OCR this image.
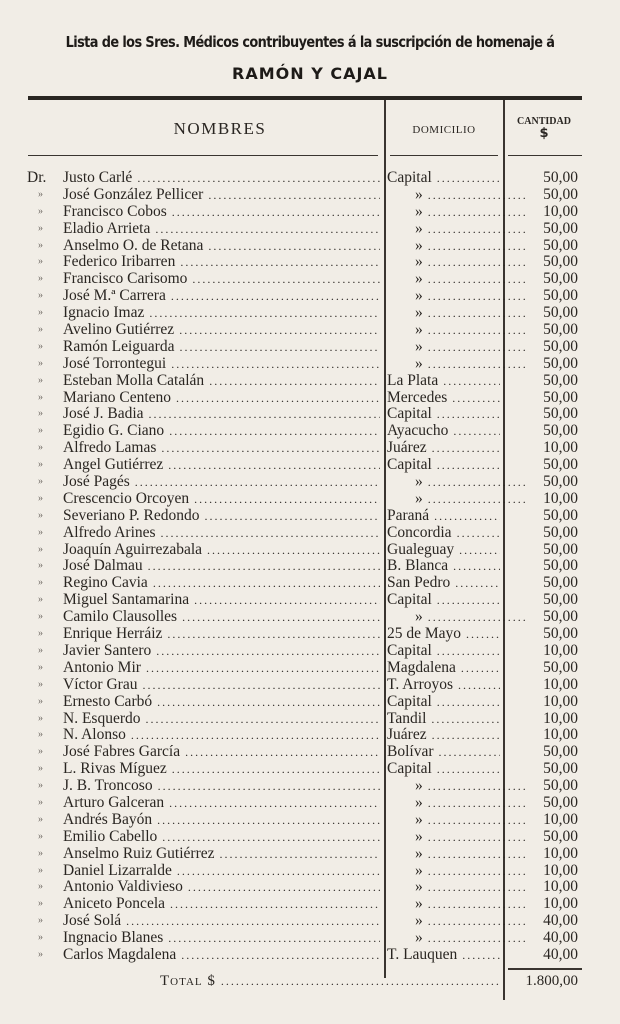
Lista de los Sres. Médicos contribuyentes á la suscripción de homenaje á
RAMÓN Y CAJAL
NOMBRES	DOMICILIO
CANTIDAD
$
Dr.	Justo Carlé .....	Capital .....	50,00
»	José González Pellicer .....	» .....	50,00
»	Francisco Cobos .....	» .....	10,00
»	Eladio Arrieta .....	» .....	50,00
»	Anselmo O. de Retana .....	» .....	50,00
»	Federico Iribarren .....	» .....	50,00
»	Francisco Carisomo .....	» .....	50,00
»	José M.ª Carrera .....	» .....	50,00
»	Ignacio Imaz .....	» .....	50,00
»	Avelino Gutiérrez .....	» .....	50,00
»	Ramón Leiguarda .....	» .....	50,00
»	José Torrontegui .....	» .....	50,00
»	Esteban Molla Catalán .....	La Plata .....	50,00
»	Mariano Centeno .....	Mercedes .....	50,00
»	José J. Badia .....	Capital .....	50,00
»	Egidio G. Ciano .....	Ayacucho .....	50,00
»	Alfredo Lamas .....	Juárez .....	10,00
»	Angel Gutiérrez .....	Capital .....	50,00
»	José Pagés .....	» .....	50,00
»	Crescencio Orcoyen .....	» .....	10,00
»	Severiano P. Redondo .....	Paraná .....	50,00
»	Alfredo Arines .....	Concordia .....	50,00
»	Joaquín Aguirrezabala .....	Gualeguay .....	50,00
»	José Dalmau .....	B. Blanca .....	50,00
»	Regino Cavia .....	San Pedro .....	50,00
»	Miguel Santamarina .....	Capital .....	50,00
»	Camilo Clausolles .....	» .....	50,00
»	Enrique Herráiz .....	25 de Mayo .....	50,00
»	Javier Santero .....	Capital .....	10,00
»	Antonio Mir .....	Magdalena .....	50,00
»	Víctor Grau .....	T. Arroyos .....	10,00
»	Ernesto Carbó .....	Capital .....	10,00
»	N. Esquerdo .....	Tandil .....	10,00
»	N. Alonso .....	Juárez .....	10,00
»	José Fabres García .....	Bolívar .....	50,00
»	L. Rivas Míguez .....	Capital .....	50,00
»	J. B. Troncoso .....	» .....	50,00
»	Arturo Galceran .....	» .....	50,00
»	Andrés Bayón .....	» .....	10,00
»	Emilio Cabello .....	» .....	50,00
»	Anselmo Ruiz Gutiérrez .....	» .....	10,00
»	Daniel Lizarralde .....	» .....	10,00
»	Antonio Valdivieso .....	» .....	10,00
»	Aniceto Poncela .....	» .....	10,00
»	José Solá .....	» .....	40,00
»	Ingnacio Blanes .....	» .....	40,00
»	Carlos Magdalena .....	T. Lauquen .....	40,00
Total $ .....	1.800,00
